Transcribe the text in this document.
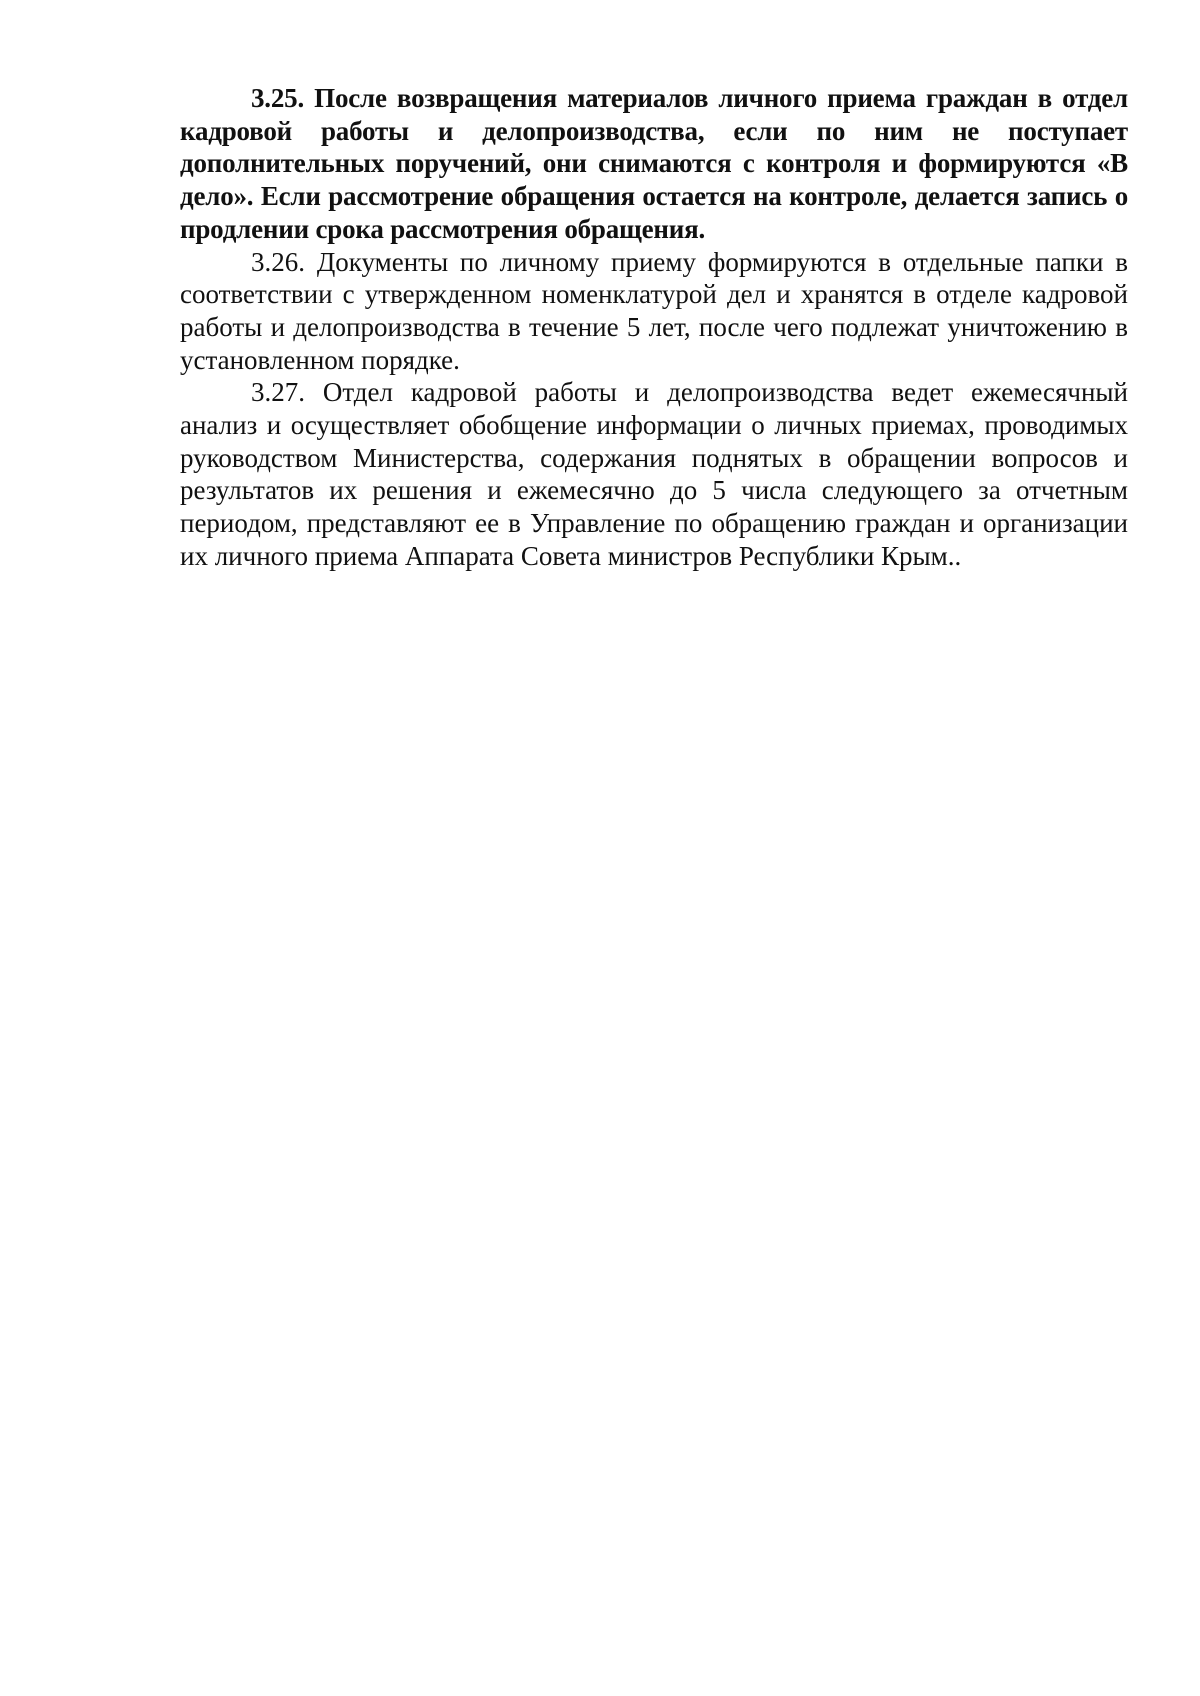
3.25. После возвращения материалов личного приема граждан в отдел кадровой работы и делопроизводства, если по ним не поступает дополнительных поручений, они снимаются с контроля и формируются «В дело». Если рассмотрение обращения остается на контроле, делается запись о продлении срока рассмотрения обращения.

3.26. Документы по личному приему формируются в отдельные папки в соответствии с утвержденном номенклатурой дел и хранятся в отделе кадровой работы и делопроизводства в течение 5 лет, после чего подлежат уничтожению в установленном порядке.

3.27. Отдел кадровой работы и делопроизводства ведет ежемесячный анализ и осуществляет обобщение информации о личных приемах, проводимых руководством Министерства, содержания поднятых в обращении вопросов и результатов их решения и ежемесячно до 5 числа следующего за отчетным периодом, представляют ее в Управление по обращению граждан и организации их личного приема Аппарата Совета министров Республики Крым..
